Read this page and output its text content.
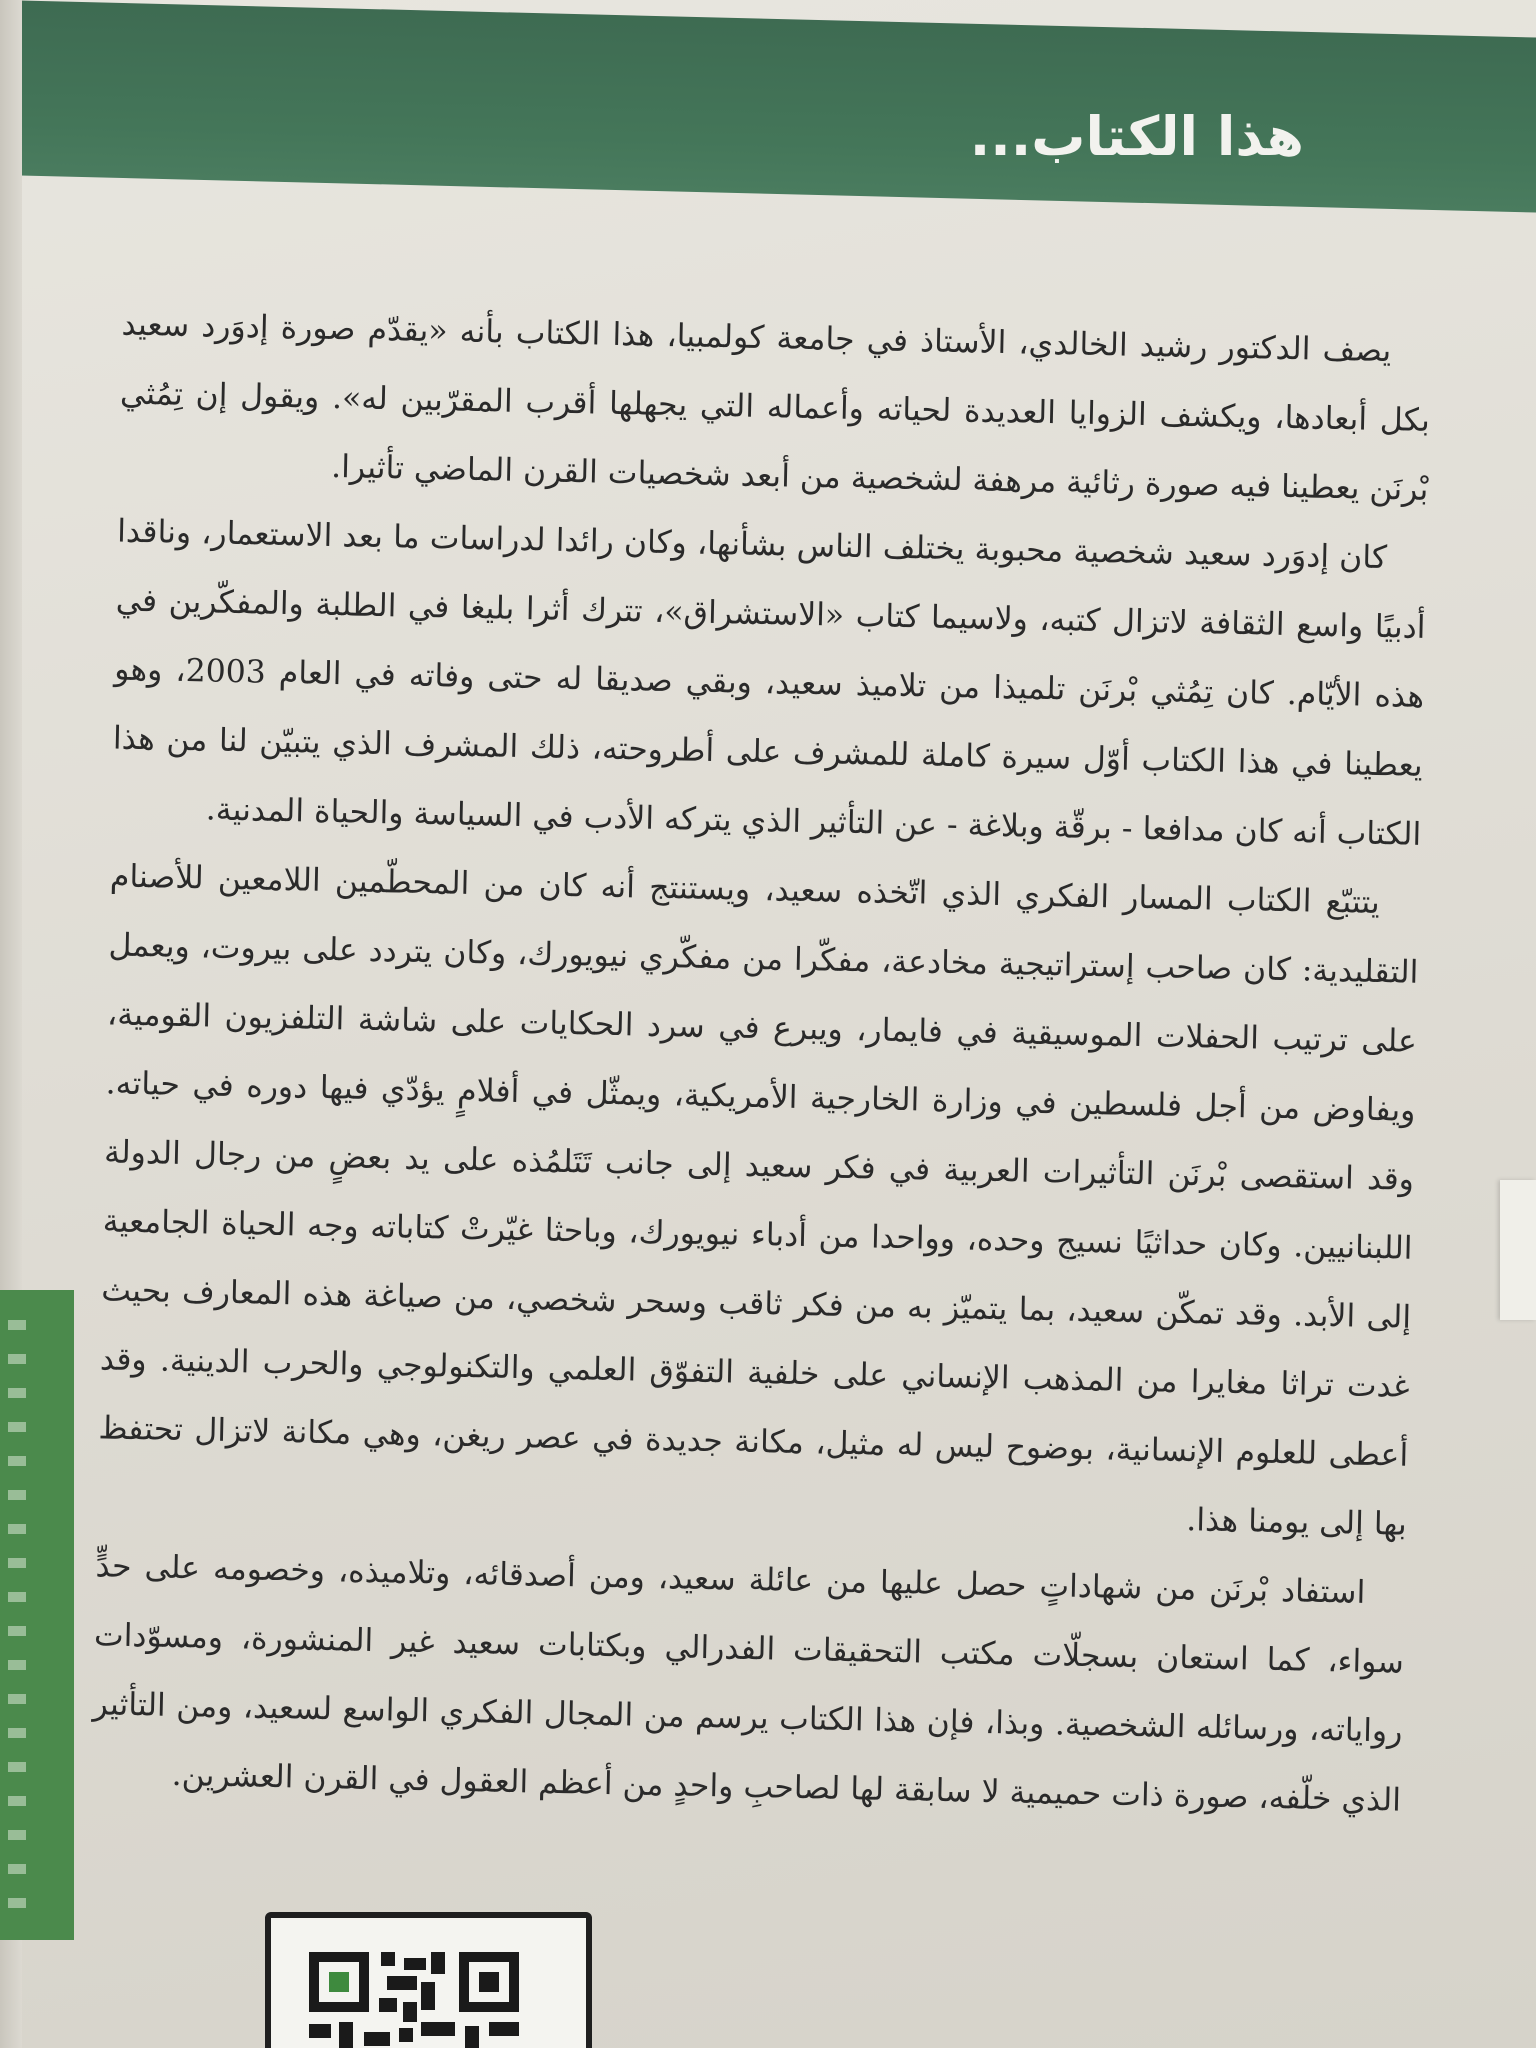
هذا الكتاب...

يصف الدكتور رشيد الخالدي، الأستاذ في جامعة كولمبيا، هذا الكتاب بأنه «يقدّم صورة إدوَرد سعيد بكل أبعادها، ويكشف الزوايا العديدة لحياته وأعماله التي يجهلها أقرب المقرّبين له». ويقول إن تِمُثي بْرنَن يعطينا فيه صورة رثائية مرهفة لشخصية من أبعد شخصيات القرن الماضي تأثيرا.

كان إدوَرد سعيد شخصية محبوبة يختلف الناس بشأنها، وكان رائدا لدراسات ما بعد الاستعمار، وناقدا أدبيًا واسع الثقافة لاتزال كتبه، ولاسيما كتاب «الاستشراق»، تترك أثرا بليغا في الطلبة والمفكّرين في هذه الأيّام. كان تِمُثي بْرنَن تلميذا من تلاميذ سعيد، وبقي صديقا له حتى وفاته في العام 2003، وهو يعطينا في هذا الكتاب أوّل سيرة كاملة للمشرف على أطروحته، ذلك المشرف الذي يتبيّن لنا من هذا الكتاب أنه كان مدافعا - برقّة وبلاغة - عن التأثير الذي يتركه الأدب في السياسة والحياة المدنية.

يتتبّع الكتاب المسار الفكري الذي اتّخذه سعيد، ويستنتج أنه كان من المحطّمين اللامعين للأصنام التقليدية: كان صاحب إستراتيجية مخادعة، مفكّرا من مفكّري نيويورك، وكان يتردد على بيروت، ويعمل على ترتيب الحفلات الموسيقية في فايمار، ويبرع في سرد الحكايات على شاشة التلفزيون القومية، ويفاوض من أجل فلسطين في وزارة الخارجية الأمريكية، ويمثّل في أفلامٍ يؤدّي فيها دوره في حياته. وقد استقصى بْرنَن التأثيرات العربية في فكر سعيد إلى جانب تَتَلمُذه على يد بعضٍ من رجال الدولة اللبنانيين. وكان حداثيًا نسيج وحده، وواحدا من أدباء نيويورك، وباحثا غيّرتْ كتاباته وجه الحياة الجامعية إلى الأبد. وقد تمكّن سعيد، بما يتميّز به من فكر ثاقب وسحر شخصي، من صياغة هذه المعارف بحيث غدت تراثا مغايرا من المذهب الإنساني على خلفية التفوّق العلمي والتكنولوجي والحرب الدينية. وقد أعطى للعلوم الإنسانية، بوضوح ليس له مثيل، مكانة جديدة في عصر ريغن، وهي مكانة لاتزال تحتفظ بها إلى يومنا هذا.

استفاد بْرنَن من شهاداتٍ حصل عليها من عائلة سعيد، ومن أصدقائه، وتلاميذه، وخصومه على حدٍّ سواء، كما استعان بسجلّات مكتب التحقيقات الفدرالي وبكتابات سعيد غير المنشورة، ومسوّدات رواياته، ورسائله الشخصية. وبذا، فإن هذا الكتاب يرسم من المجال الفكري الواسع لسعيد، ومن التأثير الذي خلّفه، صورة ذات حميمية لا سابقة لها لصاحبِ واحدٍ من أعظم العقول في القرن العشرين.
